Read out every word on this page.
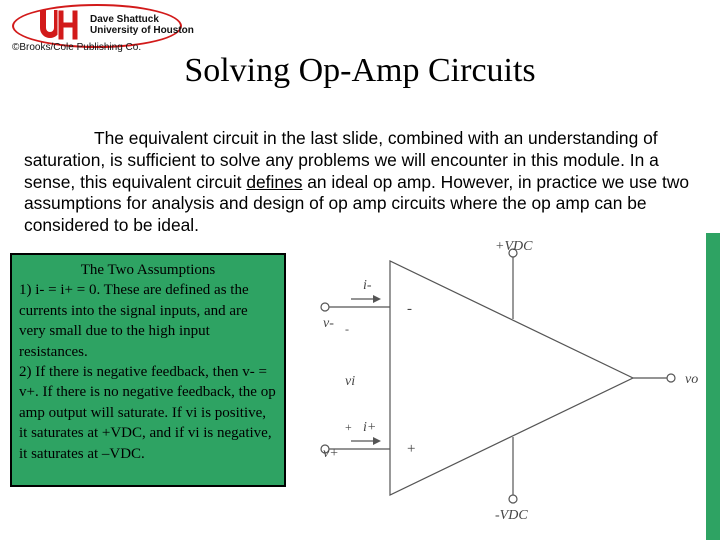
Dave Shattuck
University of Houston
©Brooks/Cole Publishing Co.
Solving Op-Amp Circuits
The equivalent circuit in the last slide, combined with an understanding of saturation, is sufficient to solve any problems we will encounter in this module. In a sense, this equivalent circuit defines an ideal op amp. However, in practice we use two assumptions for analysis and design of op amp circuits where the op amp can be considered to be ideal.
The Two Assumptions
1) i- = i+ = 0. These are defined as the currents into the signal inputs, and are very small due to the high input resistances.
2) If there is negative feedback, then v- = v+. If there is no negative feedback, the op amp output will saturate. If vi is positive, it saturates at +VDC, and if vi is negative, it saturates at –VDC.
+VDC
-VDC
i-
i+
v-
v+
vi	vo
-
+
-
+
